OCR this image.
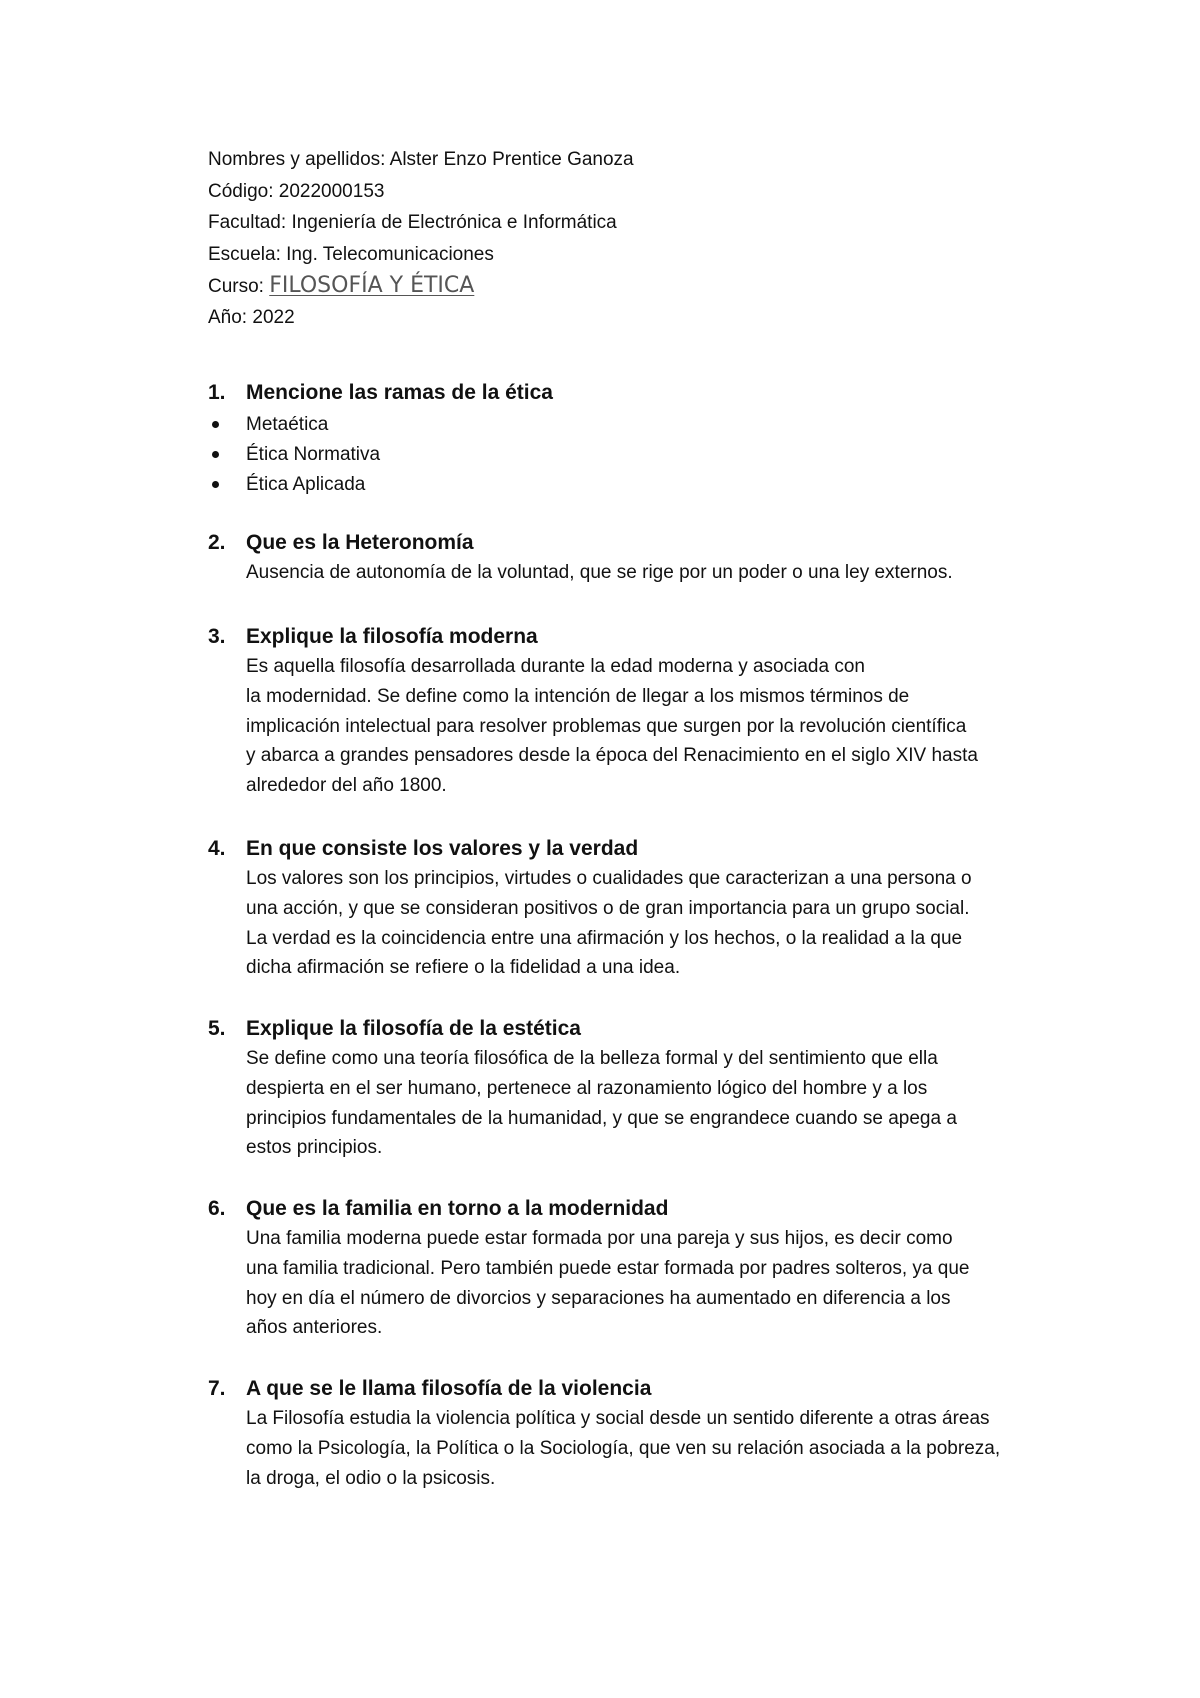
Nombres y apellidos: Alster Enzo Prentice Ganoza
Código: 2022000153
Facultad: Ingeniería de Electrónica e Informática
Escuela: Ing. Telecomunicaciones
Curso: FILOSOFÍA Y ÉTICA
Año: 2022
1. Mencione las ramas de la ética
Metaética
Ética Normativa
Ética Aplicada
2. Que es la Heteronomía

Ausencia de autonomía de la voluntad, que se rige por un poder o una ley externos.

3. Explique la filosofía moderna

Es aquella filosofía desarrollada durante la edad moderna y asociada con

la modernidad. Se define como la intención de llegar a los mismos términos de

implicación intelectual para resolver problemas que surgen por la revolución científica

y abarca a grandes pensadores desde la época del Renacimiento en el siglo XIV hasta

alrededor del año 1800.

4. En que consiste los valores y la verdad

Los valores son los principios, virtudes o cualidades que caracterizan a una persona o

una acción, y que se consideran positivos o de gran importancia para un grupo social.

La verdad es la coincidencia entre una afirmación y los hechos, o la realidad a la que

dicha afirmación se refiere o la fidelidad a una idea.

5. Explique la filosofía de la estética

Se define como una teoría filosófica de la belleza formal y del sentimiento que ella

despierta en el ser humano, pertenece al razonamiento lógico del hombre y a los

principios fundamentales de la humanidad, y que se engrandece cuando se apega a

estos principios.

6. Que es la familia en torno a la modernidad

Una familia moderna puede estar formada por una pareja y sus hijos, es decir como

una familia tradicional. Pero también puede estar formada por padres solteros, ya que

hoy en día el número de divorcios y separaciones ha aumentado en diferencia a los

años anteriores.

7. A que se le llama filosofía de la violencia

La Filosofía estudia la violencia política y social desde un sentido diferente a otras áreas

como la Psicología, la Política o la Sociología, que ven su relación asociada a la pobreza,

la droga, el odio o la psicosis.
